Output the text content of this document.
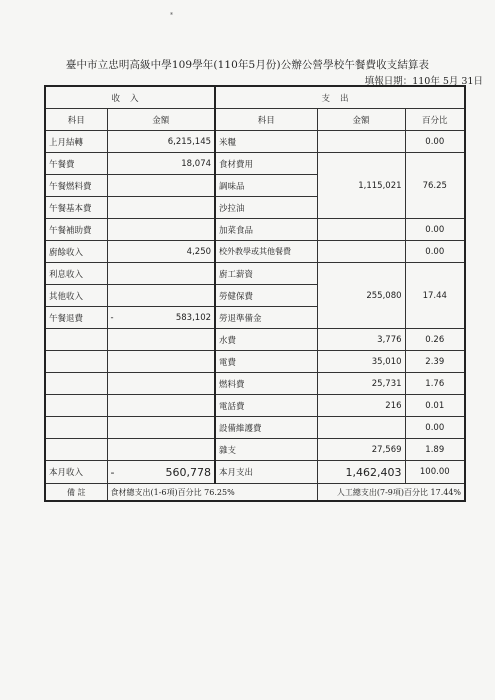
*
臺中市立忠明高級中學109學年(110年5月份)公辦公營學校午餐費收支結算表
填報日期：110年 5月 31日
收入		支出		
科目	金額	科目	金額	百分比
上月結轉	6,215,145	米糧		0.00
午餐費	18,074	食材費用	1,115,021	76.25
午餐燃料費		調味品		
午餐基本費		沙拉油		
午餐補助費		加菜食品		0.00
廚餘收入	4,250	校外教學或其他餐費		0.00
利息收入		廚工薪資	255,080	17.44
其他收入		勞健保費		
午餐退費	- 583,102	勞退準備金		
		水費	3,776	0.26
		電費	35,010	2.39
		燃料費	25,731	1.76
		電話費	216	0.01
		設備維護費		0.00
		雜支	27,569	1.89
本月收入	- 560,778	本月支出	1,462,403	100.00
備 註	食材總支出(1-6項)百分比 76.25%		人工總支出(7-9項)百分比 17.44%	
